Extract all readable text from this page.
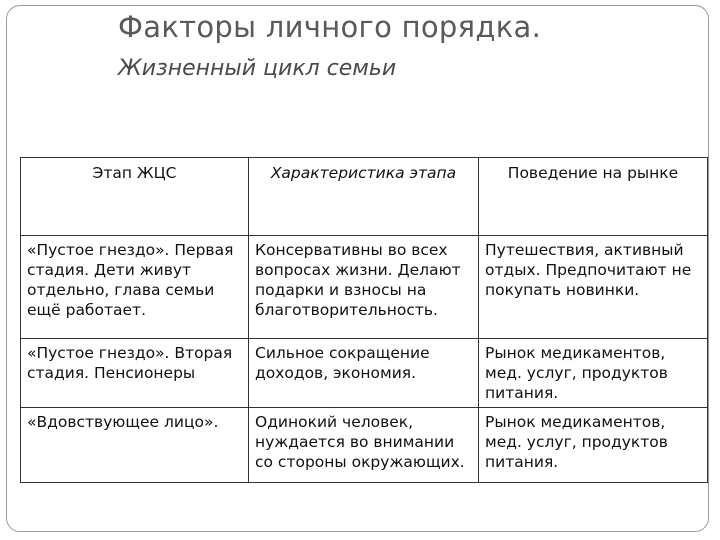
Факторы личного порядка.
Жизненный цикл семьи
Этап ЖЦС	Характеристика этапа	Поведение на рынке
«Пустое гнездо». Первая стадия. Дети живут отдельно, глава семьи ещё работает.	Консервативны во всех вопросах жизни. Делают подарки и взносы на благотворительность.	Путешествия, активный отдых. Предпочитают не покупать новинки.
«Пустое гнездо». Вторая стадия. Пенсионеры	Сильное сокращение доходов, экономия.	Рынок медикаментов, мед. услуг, продуктов питания.
«Вдовствующее лицо».	Одинокий человек, нуждается во внимании со стороны окружающих.	Рынок медикаментов, мед. услуг, продуктов питания.
